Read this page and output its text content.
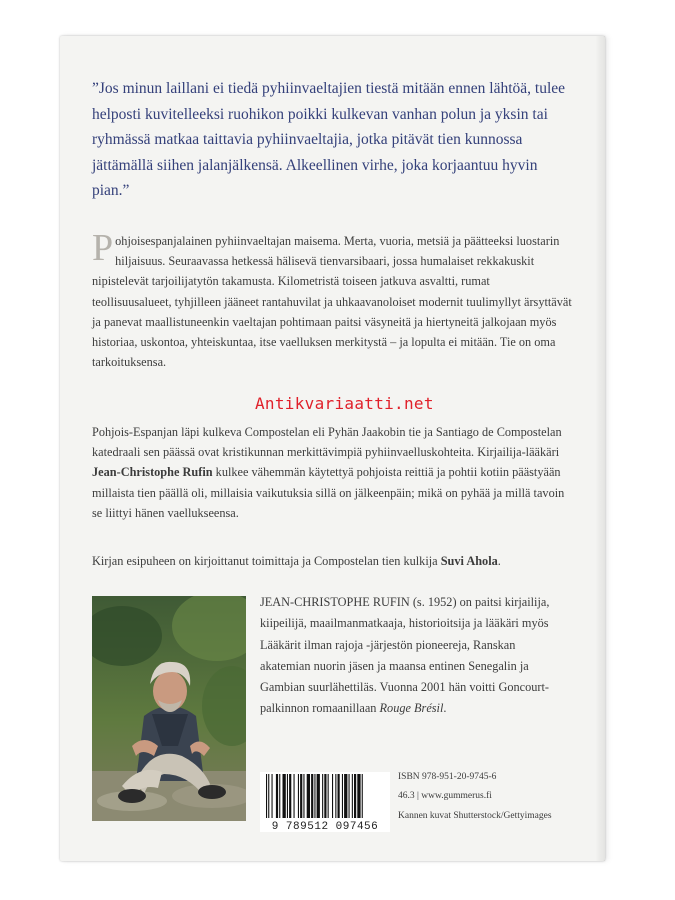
”Jos minun laillani ei tiedä pyhiinvaeltajien tiestä mitään ennen lähtöä, tulee helposti kuvitelleeksi ruohikon poikki kulkevan vanhan polun ja yksin tai ryhmässä matkaa taittavia pyhiinvaeltajia, jotka pitävät tien kunnossa jättämällä siihen jalanjälkensä. Alkeellinen virhe, joka korjaantuu hyvin pian.”

Pohjoisespanjalainen pyhiinvaeltajan maisema. Merta, vuoria, metsiä ja päätteeksi luostarin hiljaisuus. Seuraavassa hetkessä hälisevä tienvarsibaari, jossa humalaiset rekkakuskit nipistelevät tarjoilijatytön takamusta. Kilometristä toiseen jatkuva asvaltti, rumat teollisuusalueet, tyhjilleen jääneet rantahuvilat ja uhkaavanoloiset modernit tuulimyllyt ärsyttävät ja panevat maallistuneenkin vaeltajan pohtimaan paitsi väsyneitä ja hiertyneitä jalkojaan myös historiaa, uskontoa, yhteiskuntaa, itse vaelluksen merkitystä – ja lopulta ei mitään. Tie on oma tarkoituksensa.

Pohjois-Espanjan läpi kulkeva Compostelan eli Pyhän Jaakobin tie ja Santiago de Compostelan katedraali sen päässä ovat kristikunnan merkittävimpiä pyhiinvaelluskohteita. Kirjailija-lääkäri Jean-Christophe Rufin kulkee vähemmän käytettyä pohjoista reittiä ja pohtii kotiin päästyään millaista tien päällä oli, millaisia vaikutuksia sillä on jälkeenpäin; mikä on pyhää ja millä tavoin se liittyi hänen vaellukseensa.

Kirjan esipuheen on kirjoittanut toimittaja ja Compostelan tien kulkija Suvi Ahola.

Antikvariaatti.net

JEAN-CHRISTOPHE RUFIN (s. 1952) on paitsi kirjailija, kiipeilijä, maailmanmatkaaja, historioitsija ja lääkäri myös Lääkärit ilman rajoja -järjestön pioneereja, Ranskan akatemian nuorin jäsen ja maansa entinen Senegalin ja Gambian suurlähettiläs. Vuonna 2001 hän voitti Goncourt-palkinnon romaanillaan Rouge Brésil.

9 789512 097456
ISBN 978-951-20-9745-6
46.3 | www.gummerus.fi
Kannen kuvat Shutterstock/Gettyimages
